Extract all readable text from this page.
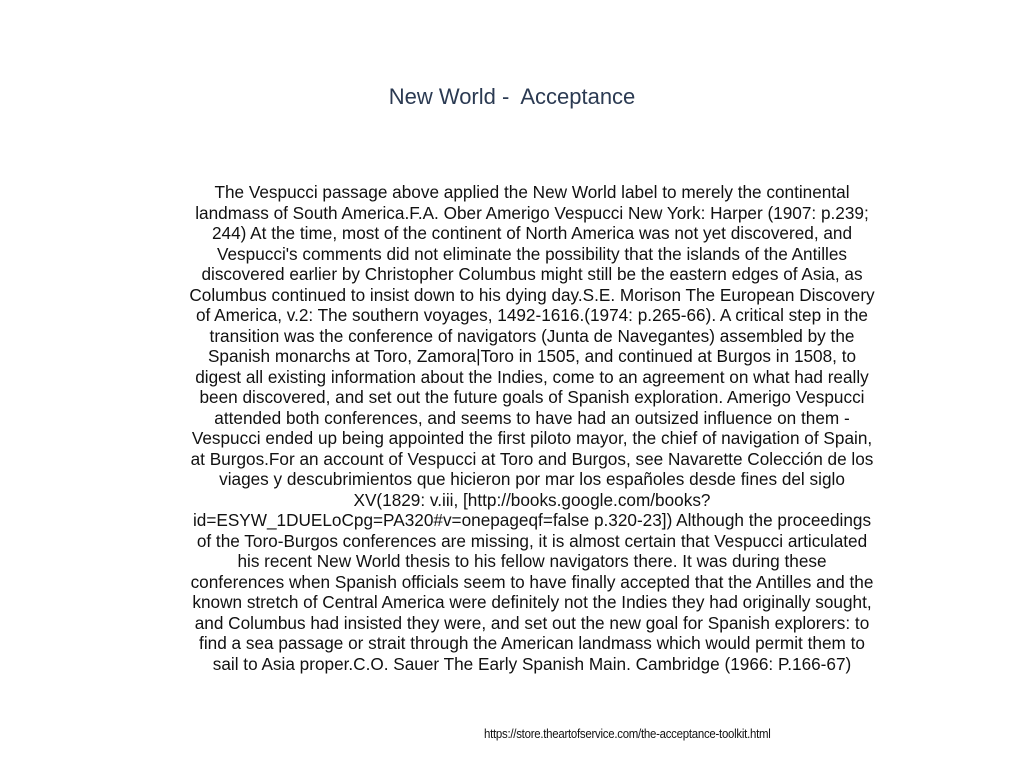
New World -  Acceptance
The Vespucci passage above applied the New World label to merely the continental
landmass of South America.F.A. Ober Amerigo Vespucci New York: Harper (1907: p.239;
244) At the time, most of the continent of North America was not yet discovered, and
Vespucci's comments did not eliminate the possibility that the islands of the Antilles
discovered earlier by Christopher Columbus might still be the eastern edges of Asia, as
Columbus continued to insist down to his dying day.S.E. Morison The European Discovery
of America, v.2: The southern voyages, 1492-1616.(1974: p.265-66). A critical step in the
transition was the conference of navigators (Junta de Navegantes) assembled by the
Spanish monarchs at Toro, Zamora|Toro in 1505, and continued at Burgos in 1508, to
digest all existing information about the Indies, come to an agreement on what had really
been discovered, and set out the future goals of Spanish exploration. Amerigo Vespucci
attended both conferences, and seems to have had an outsized influence on them -
Vespucci ended up being appointed the first piloto mayor, the chief of navigation of Spain,
at Burgos.For an account of Vespucci at Toro and Burgos, see Navarette Colección de los
viages y descubrimientos que hicieron por mar los españoles desde fines del siglo
XV(1829: v.iii, [http://books.google.com/books?
id=ESYW_1DUELoCpg=PA320#v=onepageqf=false p.320-23]) Although the proceedings
of the Toro-Burgos conferences are missing, it is almost certain that Vespucci articulated
his recent New World thesis to his fellow navigators there. It was during these
conferences when Spanish officials seem to have finally accepted that the Antilles and the
known stretch of Central America were definitely not the Indies they had originally sought,
and Columbus had insisted they were, and set out the new goal for Spanish explorers: to
find a sea passage or strait through the American landmass which would permit them to
sail to Asia proper.C.O. Sauer The Early Spanish Main. Cambridge (1966: P.166-67)
https://store.theartofservice.com/the-acceptance-toolkit.html
